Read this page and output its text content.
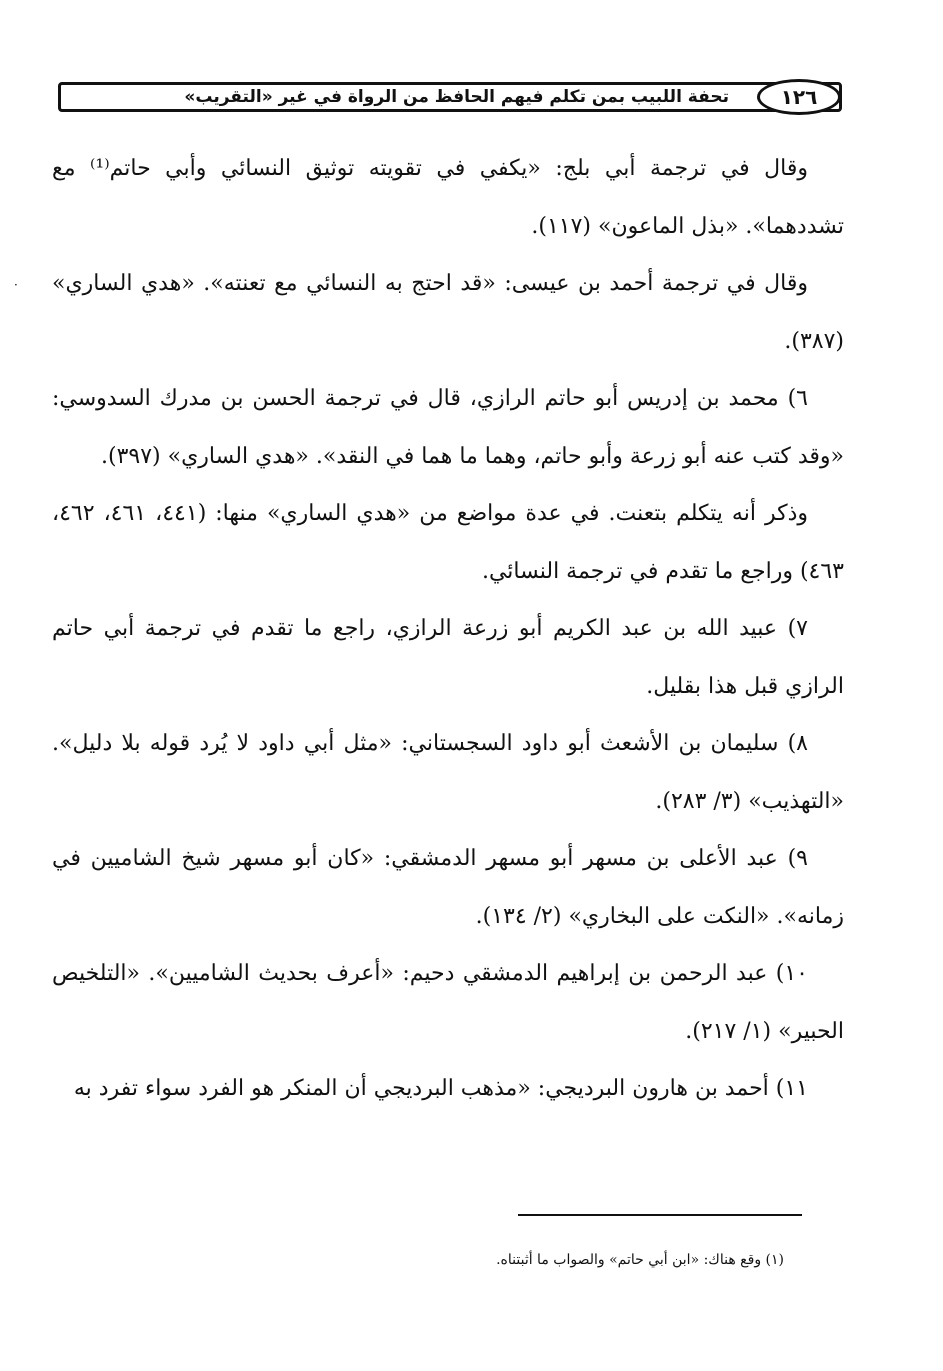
١٢٦
تحفة اللبيب بمن تكلم فيهم الحافظ من الرواة في غير «التقريب»
·

وقال في ترجمة أبي بلج: «يكفي في تقويته توثيق النسائي وأبي حاتم⁽¹⁾ مع تشددهما». «بذل الماعون» (١١٧).

وقال في ترجمة أحمد بن عيسى: «قد احتج به النسائي مع تعنته». «هدي الساري» (٣٨٧).

٦) محمد بن إدريس أبو حاتم الرازي، قال في ترجمة الحسن بن مدرك السدوسي: «وقد كتب عنه أبو زرعة وأبو حاتم، وهما ما هما في النقد». «هدي الساري» (٣٩٧).

وذكر أنه يتكلم بتعنت. في عدة مواضع من «هدي الساري» منها: (٤٤١، ٤٦١، ٤٦٢، ٤٦٣) وراجع ما تقدم في ترجمة النسائي.

٧) عبيد الله بن عبد الكريم أبو زرعة الرازي، راجع ما تقدم في ترجمة أبي حاتم الرازي قبل هذا بقليل.

٨) سليمان بن الأشعث أبو داود السجستاني: «مثل أبي داود لا يُرد قوله بلا دليل». «التهذيب» (٣/ ٢٨٣).

٩) عبد الأعلى بن مسهر أبو مسهر الدمشقي: «كان أبو مسهر شيخ الشاميين في زمانه». «النكت على البخاري» (٢/ ١٣٤).

١٠) عبد الرحمن بن إبراهيم الدمشقي دحيم: «أعرف بحديث الشاميين». «التلخيص الحبير» (١/ ٢١٧).

١١) أحمد بن هارون البرديجي: «مذهب البرديجي أن المنكر هو الفرد سواء تفرد به

(١) وقع هناك: «ابن أبي حاتم» والصواب ما أثبتناه.
